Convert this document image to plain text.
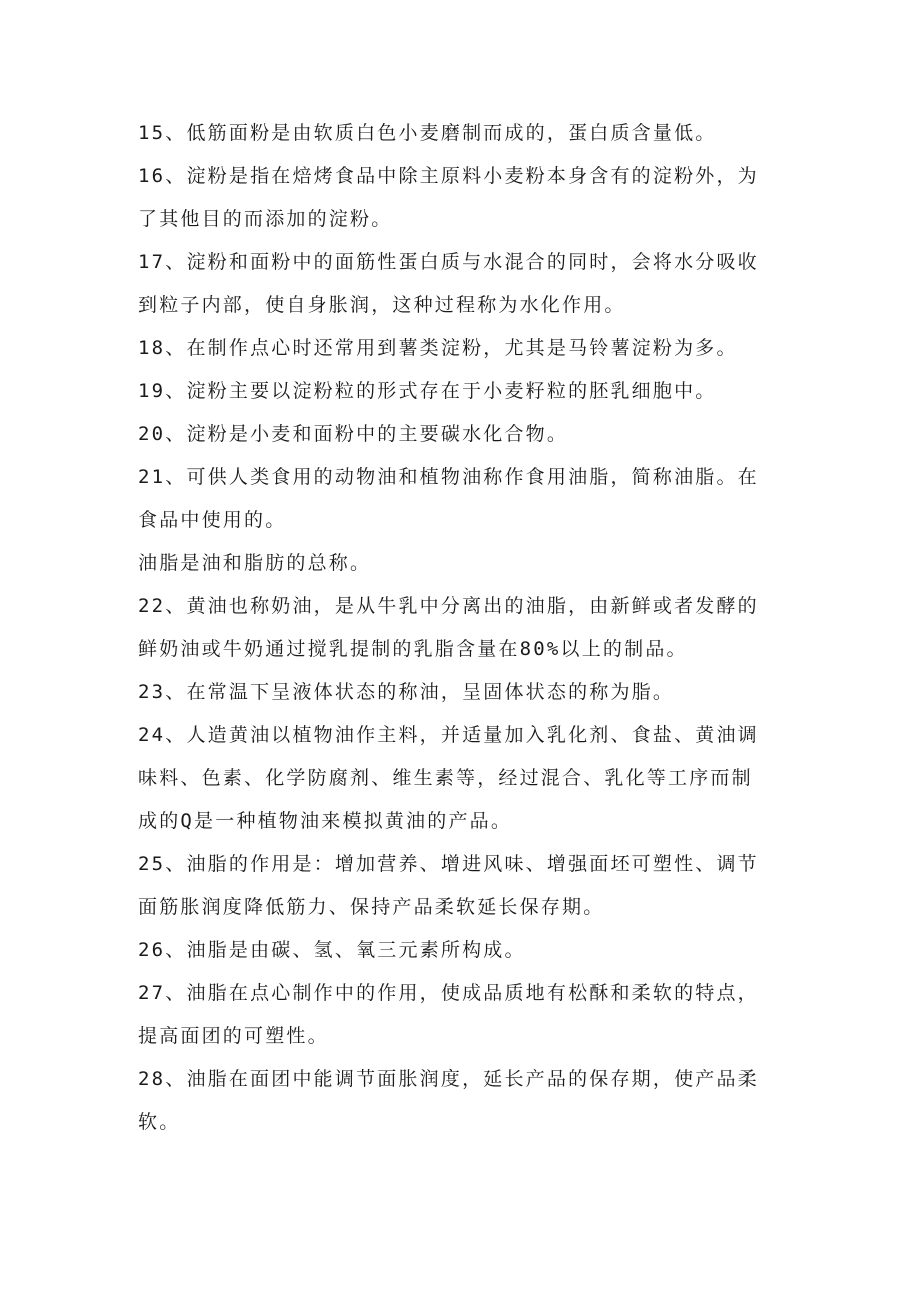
15、低筋面粉是由软质白色小麦磨制而成的，蛋白质含量低。

16、淀粉是指在焙烤食品中除主原料小麦粉本身含有的淀粉外，为
了其他目的而添加的淀粉。

17、淀粉和面粉中的面筋性蛋白质与水混合的同时，会将水分吸收
到粒子内部，使自身胀润，这种过程称为水化作用。

18、在制作点心时还常用到薯类淀粉，尤其是马铃薯淀粉为多。

19、淀粉主要以淀粉粒的形式存在于小麦籽粒的胚乳细胞中。

20、淀粉是小麦和面粉中的主要碳水化合物。

21、可供人类食用的动物油和植物油称作食用油脂，简称油脂。在
食品中使用的。

油脂是油和脂肪的总称。

22、黄油也称奶油，是从牛乳中分离出的油脂，由新鲜或者发酵的
鲜奶油或牛奶通过搅乳提制的乳脂含量在80%以上的制品。

23、在常温下呈液体状态的称油，呈固体状态的称为脂。

24、人造黄油以植物油作主料，并适量加入乳化剂、食盐、黄油调
味料、色素、化学防腐剂、维生素等，经过混合、乳化等工序而制
成的Q是一种植物油来模拟黄油的产品。

25、油脂的作用是：增加营养、增进风味、增强面坯可塑性、调节
面筋胀润度降低筋力、保持产品柔软延长保存期。

26、油脂是由碳、氢、氧三元素所构成。

27、油脂在点心制作中的作用，使成品质地有松酥和柔软的特点，
提高面团的可塑性。

28、油脂在面团中能调节面胀润度，延长产品的保存期，使产品柔
软。
